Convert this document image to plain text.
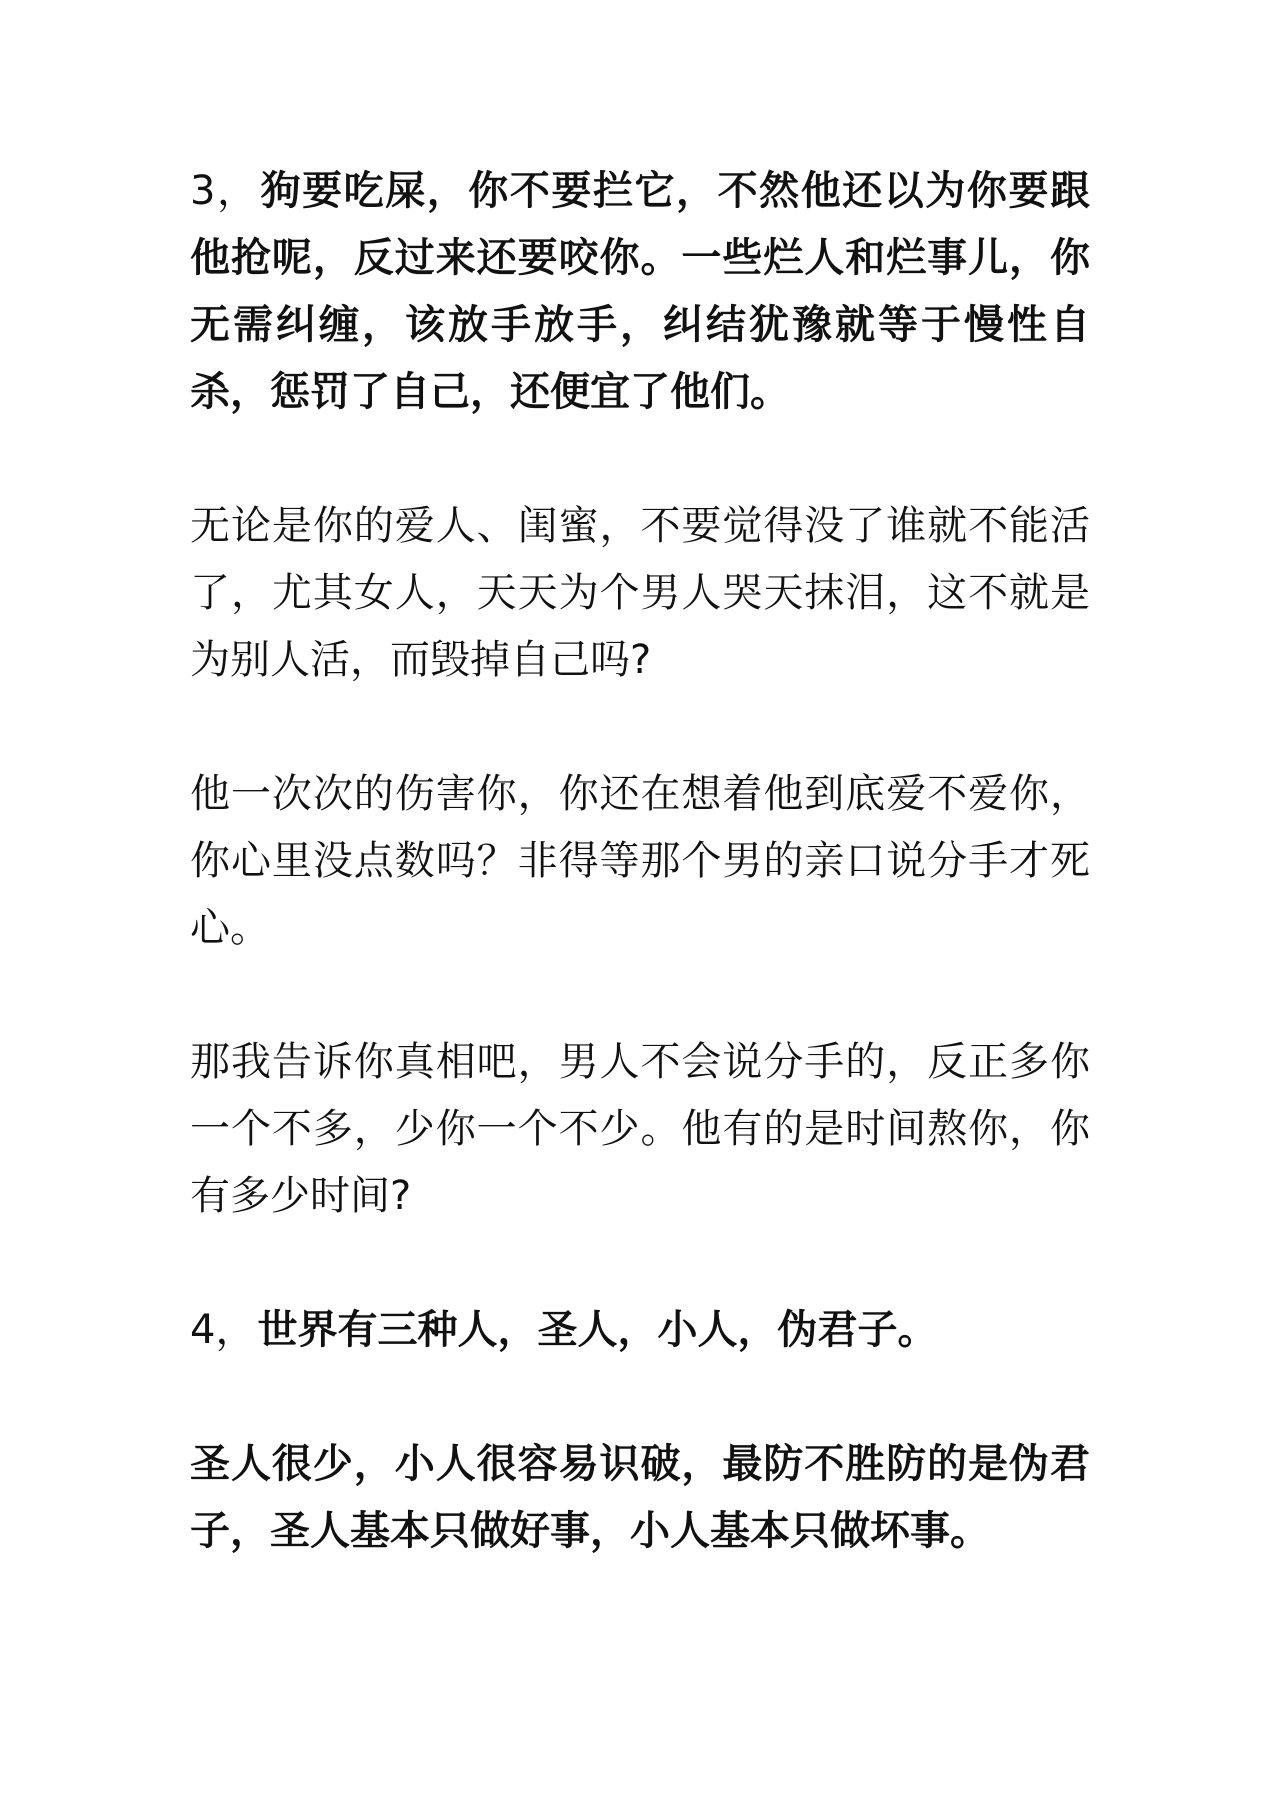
3，狗要吃屎，你不要拦它，不然他还以为你要跟他抢呢，反过来还要咬你。一些烂人和烂事儿，你无需纠缠，该放手放手，纠结犹豫就等于慢性自杀，惩罚了自己，还便宜了他们。

无论是你的爱人、闺蜜，不要觉得没了谁就不能活了，尤其女人，天天为个男人哭天抹泪，这不就是为别人活，而毁掉自己吗?

他一次次的伤害你，你还在想着他到底爱不爱你，你心里没点数吗？非得等那个男的亲口说分手才死心。

那我告诉你真相吧，男人不会说分手的，反正多你一个不多，少你一个不少。他有的是时间熬你，你有多少时间?

4，世界有三种人，圣人，小人，伪君子。

圣人很少，小人很容易识破，最防不胜防的是伪君子，圣人基本只做好事，小人基本只做坏事。
